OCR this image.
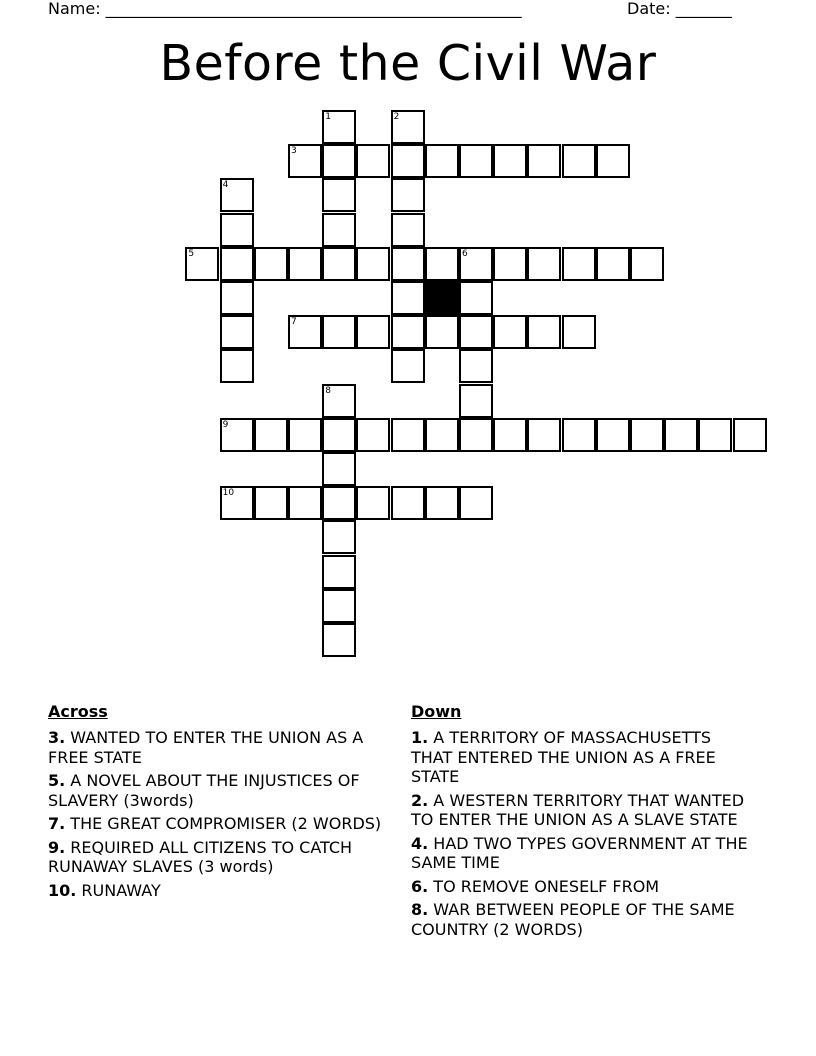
Name: ____________________________________________________	Date: _______
Before the Civil War
1	2
3
4
5	6
7
8
9
10
Across
3. WANTED TO ENTER THE UNION AS A FREE STATE
5. A NOVEL ABOUT THE INJUSTICES OF SLAVERY (3words)
7. THE GREAT COMPROMISER (2 WORDS)
9. REQUIRED ALL CITIZENS TO CATCH RUNAWAY SLAVES (3 words)
10. RUNAWAY
Down
1. A TERRITORY OF MASSACHUSETTS THAT ENTERED THE UNION AS A FREE STATE
2. A WESTERN TERRITORY THAT WANTED TO ENTER THE UNION AS A SLAVE STATE
4. HAD TWO TYPES GOVERNMENT AT THE SAME TIME
6. TO REMOVE ONESELF FROM
8. WAR BETWEEN PEOPLE OF THE SAME COUNTRY (2 WORDS)
